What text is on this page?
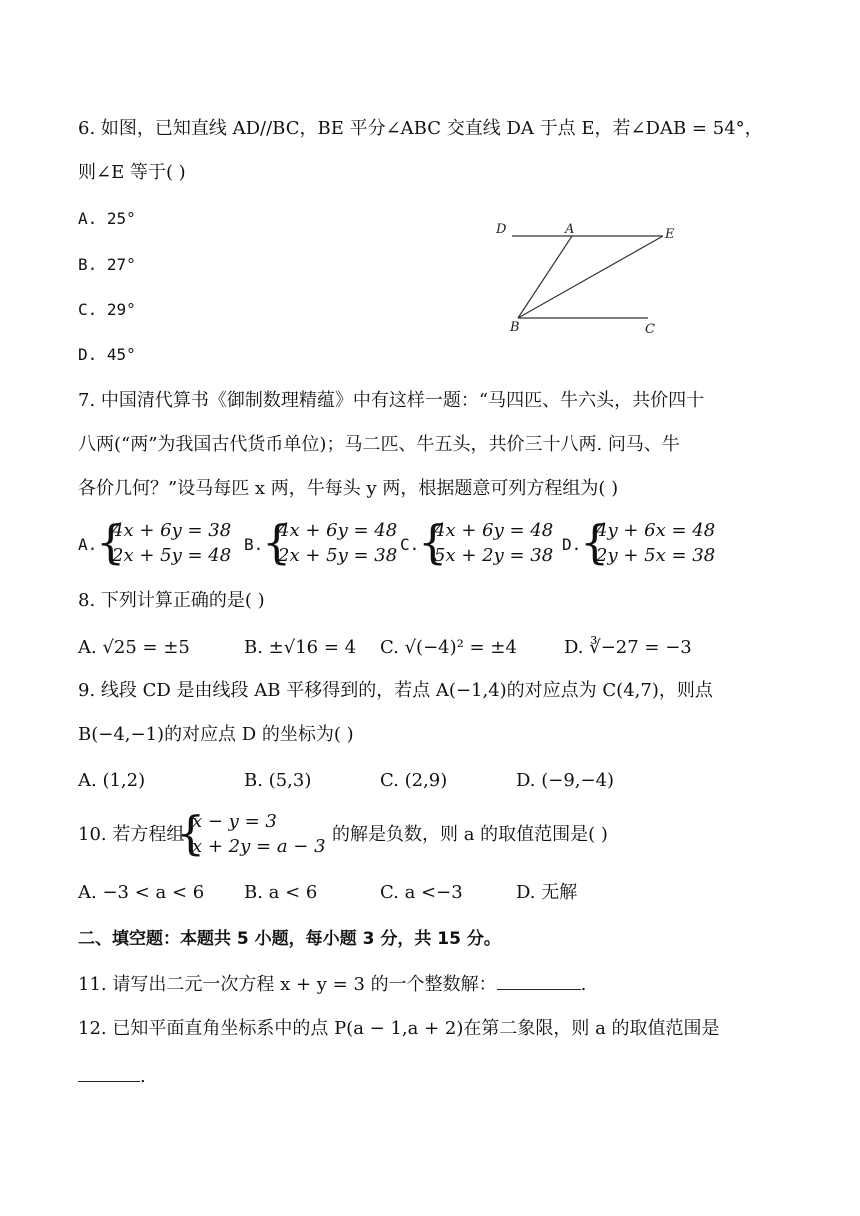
6. 如图，已知直线 AD//BC，BE 平分∠ABC 交直线 DA 于点 E，若∠DAB = 54°，
则∠E 等于( )
A. 25°
B. 27°
C. 29°
D. 45°
D	A	E
B	C
7. 中国清代算书《御制数理精蕴》中有这样一题：“马四匹、牛六头，共价四十
八两(“两”为我国古代货币单位)；马二匹、牛五头，共价三十八两. 问马、牛
各价几何？”设马每匹 x 两，牛每头 y 两，根据题意可列方程组为( )
A.
{
4x + 6y = 38
2x + 5y = 48
B.
{
4x + 6y = 48
2x + 5y = 38
C.
{
4x + 6y = 48
5x + 2y = 38
D.
{
4y + 6x = 48
2y + 5x = 38
8. 下列计算正确的是( )
A. √25 = ±5	B. ±√16 = 4 C. √(−4)² = ±4	D. ∛−27 = −3
9. 线段 CD 是由线段 AB 平移得到的，若点 A(−1,4)的对应点为 C(4,7)，则点
B(−4,−1)的对应点 D 的坐标为( )
A. (1,2)	B. (5,3)	C. (2,9)	D. (−9,−4)
10. 若方程组
{
x − y = 3
x + 2y = a − 3
的解是负数，则 a 的取值范围是( )
A. −3 < a < 6 B. a < 6	C. a <−3	D. 无解
二、填空题：本题共 5 小题，每小题 3 分，共 15 分。
11. 请写出二元一次方程 x + y = 3 的一个整数解：	.
12. 已知平面直角坐标系中的点 P(a − 1,a + 2)在第二象限，则 a 的取值范围是
.
